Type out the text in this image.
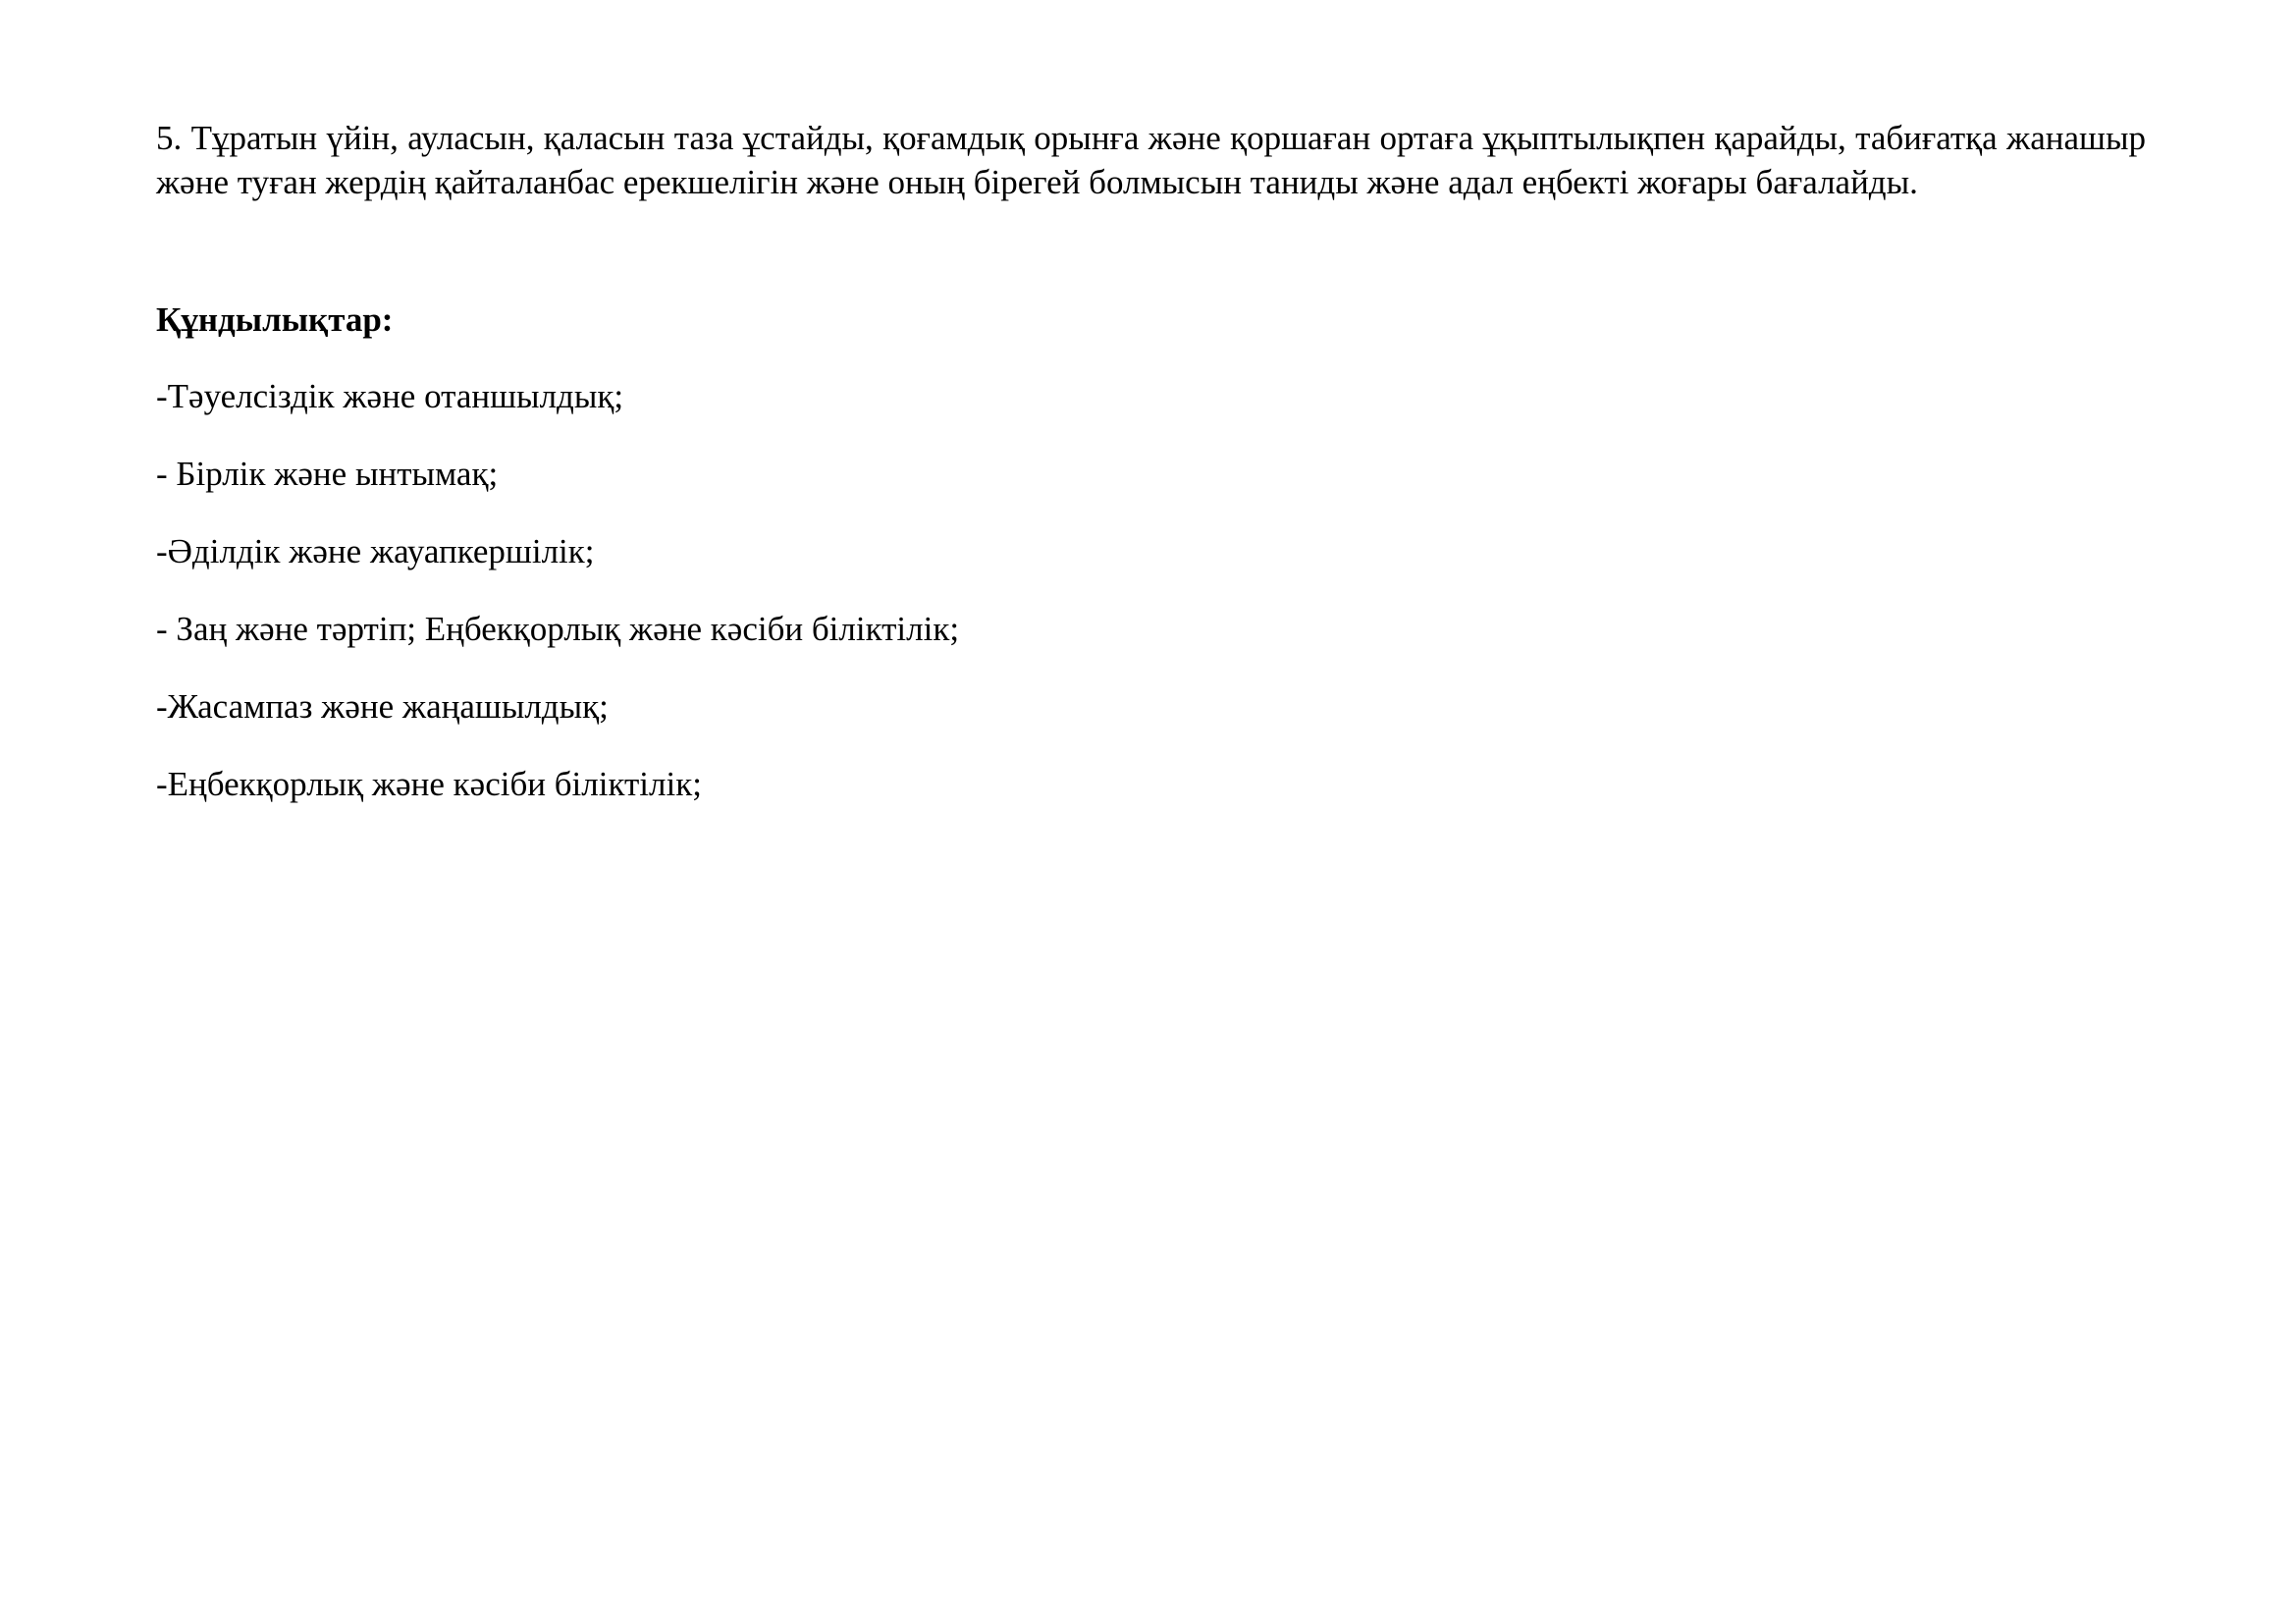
5. Тұратын үйін, ауласын, қаласын таза ұстайды, қоғамдық орынға және қоршаған ортаға ұқыптылықпен қарайды, табиғатқа жанашыр және туған жердің қайталанбас ерекшелігін және оның бірегей болмысын таниды және адал еңбекті жоғары бағалайды.

Құндылықтар:

-Тәуелсіздік және отаншылдық;
- Бірлік және ынтымақ;
-Әділдік және жауапкершілік;
- Заң және тәртіп; Еңбекқорлық және кәсіби біліктілік;
-Жасампаз және жаңашылдық;
-Еңбекқорлық және кәсіби біліктілік;
